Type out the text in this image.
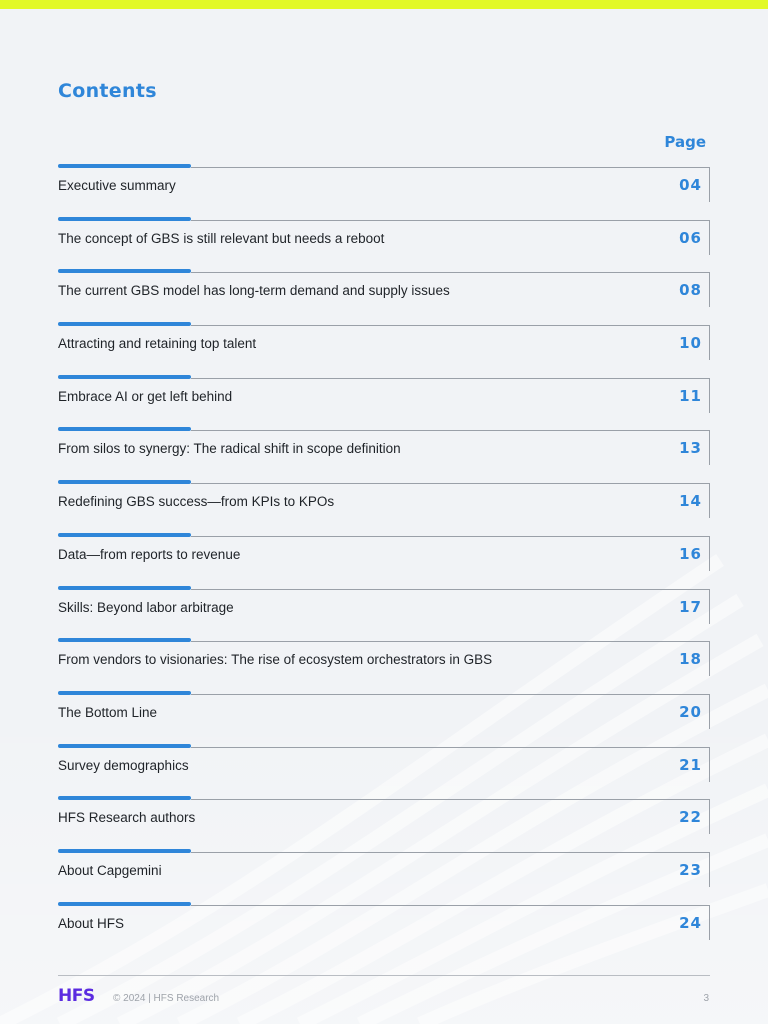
Contents
Page
Executive summary	04
The concept of GBS is still relevant but needs a reboot	06
The current GBS model has long-term demand and supply issues	08
Attracting and retaining top talent	10
Embrace AI or get left behind	11
From silos to synergy: The radical shift in scope definition	13
Redefining GBS success—from KPIs to KPOs	14
Data—from reports to revenue	16
Skills: Beyond labor arbitrage	17
From vendors to visionaries: The rise of ecosystem orchestrators in GBS	18
The Bottom Line	20
Survey demographics	21
HFS Research authors	22
About Capgemini	23
About HFS	24
HFS © 2024 | HFS Research	3
